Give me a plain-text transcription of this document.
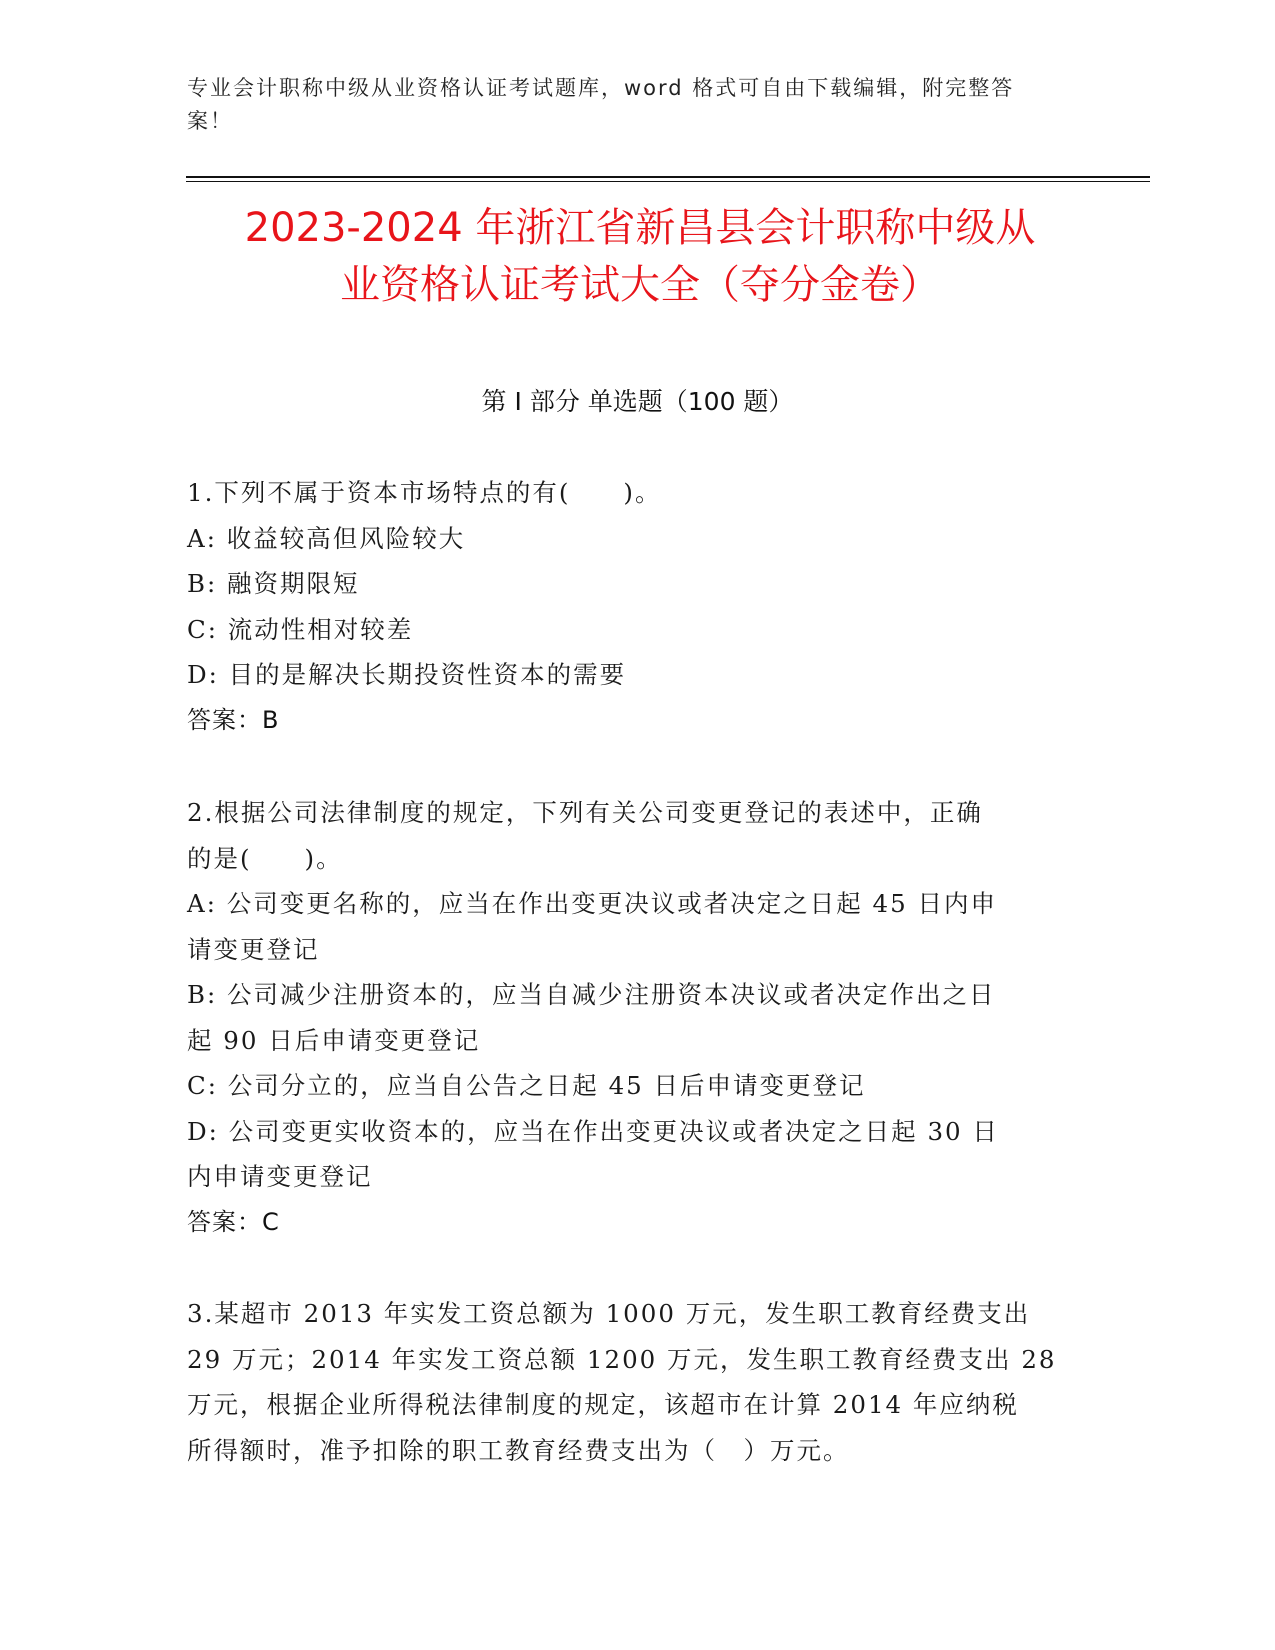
专业会计职称中级从业资格认证考试题库，word 格式可自由下载编辑，附完整答
案！
2023-2024 年浙江省新昌县会计职称中级从
业资格认证考试大全（夺分金卷）
第 I 部分 单选题（100 题）
1.下列不属于资本市场特点的有(　　)。
A: 收益较高但风险较大
B: 融资期限短
C: 流动性相对较差
D: 目的是解决长期投资性资本的需要
答案：B
2.根据公司法律制度的规定，下列有关公司变更登记的表述中，正确
的是(　　)。
A: 公司变更名称的，应当在作出变更决议或者决定之日起 45 日内申
请变更登记
B: 公司减少注册资本的，应当自减少注册资本决议或者决定作出之日
起 90 日后申请变更登记
C: 公司分立的，应当自公告之日起 45 日后申请变更登记
D: 公司变更实收资本的，应当在作出变更决议或者决定之日起 30 日
内申请变更登记
答案：C
3.某超市 2013 年实发工资总额为 1000 万元，发生职工教育经费支出
29 万元；2014 年实发工资总额 1200 万元，发生职工教育经费支出 28
万元，根据企业所得税法律制度的规定，该超市在计算 2014 年应纳税
所得额时，准予扣除的职工教育经费支出为（　）万元。
